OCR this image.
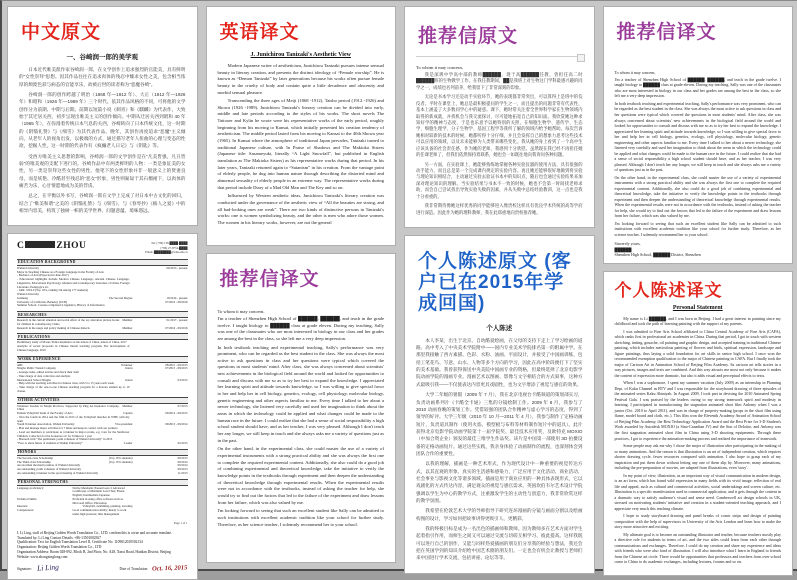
中文原文
一、谷崎润一郎的美学观

日本近代唯美派作家谷崎润一郎，在文学创作上追求强烈的官能美，具有鲜明的“女性崇拜”思想。因其作品往往在追求肉体的残忍中臻求女性之美，包含相当浓厚的颓废色彩与病态的官能享乐，故被后世的读者称为“恶魔谷崎”。

谷崎润一郎的创作跨越了明治（1868 年—1912 年）、大正（1912 年—1926 年）和昭和（1926 年—1989 年）三个时代。依其作品风格的不同，可将他的文学创作分为前期、中期与后期。前期以短篇小说《刺青》和《麒麟》为代表作，大致始于其迁居关西，初步呈现出唯美主义的创作倾向。中期从迁居关西到昭和 40 年（1965 年），在弥漫着传统日本气息的关西，谷崎转向了日本传统文化，这一时期的《阴翳礼赞》与《细雪》为其代表作品。晚年，其创作再度追求“恶魔”主义倾向，从老年人的视角出发，以极端的方式，通过描写老年人扭曲的心理与变态的性欲，挖掘人性，这一时期的代表作有《疯癫老人日记》与《钥匙》等。

受西方唯美主义思想的影响，谷崎润一郎的文学创作是在“凡美皆强，凡丑皆弱”的唯美观的支配下进行的。谷崎作品中有两类鲜明的人物：一类是象征美的女性，另一类是崇拜这些女性的男性。他笔下的女性形象并非一般意义上的贤妻良母，而是妖艳、冷酷甚至残忍的“恶女”形象，男性则匍匐于其石榴裙下，以肉体的痛苦为乐，心甘情愿地成为美的俘虏。

总之，在平衡以外书写，谷崎润一郎在文学上完成了对日本中古文化的回归，结合了“唯美和谐”之美的《阴翳礼赞》与《细雪》，与《春琴抄》《痴人之爱》中的相异内容美，构筑了独树一帜的美学世界，问题意蕴、境味悠远。

C	ZHOU	Tel: (+86) 138-████-████
(+86) 27-8754-████
Email: ████████@whu.edu.cn
EDUCATION BACKGROUND
Wuhan University	09/2013 - present
Major in Teaching Chinese as a Foreign Language in the Faculty of Arts
- Bachelor of Arts (Expected in June 2017)
- Educational highlights include Modern Chinese Language, Ancient Chinese Language, Linguistics, Educational Psychology, Modern and Contemporary Literature of China, Foreign Literature, Pedagogics etc.
- GPA: 3.8/4.0 (Top 10%, ranking 5th among 177 students)
Wuhan University
Guzheng	The Second Degree	10/2014 - present
University of California, Berkeley (UCB)	07/2016 - 08/2016
Summer School: Courses completed: Linguistics, History of Information
RESEARCHES
Research in the current situation and social effect of the toy education picture books for children in contemporary China
Member	01/2017 - present
Research in the usage and policy making of Chinese dialects	Member	07/2016 - 09/2016
PUBLICATIONS
Preliminary study of Mosuo Yidu's mediation on the letters of China, letters of China, 2017
Analysis of recent proposals in Chinese literati teaching program, The development of Chinese language, 2016
WORK EXPERIENCE
ABC	Volunteer	08/2015 - 09/2015
Ningbo Public Transit Company	Intern	07/2015 - 08/2015
- Arrange tasks, edited articles and check their draft
- Take charge of data collection and analysis
International School Ningbo	Intern	03/2015
- Help with the teaching activities in Chinese class, with 5 to 15 years each week
- Take charge of the one-to-one Chinese teaching program for a Korean student up to 10 classes
OTHER ACTIVITIES
Volunteer Teacher in Nanjia Province, Supported by Ping An Insurance Company, China
Member	07/2015
Female Volleyball Team of the Faculty of Arts	Captain	09/2014 - 09/2015
- Won the fourth in 2014 and the fifth in 2015 of the Volleyball matches in WHU with my team
Youth Volunteer Association, Wuhan University	Vice-president	09/2013 - 09/2014
- Plan and manage major activities for 7 times and keep in contact with our partners
- Lead our members to participate as volunteer in major events, e.g. Care for the Sunflower Children, Collection for the bookstore etc for 6 times in 1 year
- Honored with “The permanent youth volunteer of Wuhan University” in 2013
“Face to share future of students at Wuhan University”	Leader	02/2015
HONORS
The Second-class Scholarship	(Top 10% students)	09/2015
The Third-class Scholarship	(Top 15% students)	09/2014
An excellent the merit position of Wuhan University	09/2014
An outstanding youth volunteer of Wuhan University	09/2013
An outstanding volunteer in the sport meeting of Wuhan University	11/2013
PERSONAL STRENGTHS
Language proficiency:	Native Mandarin; Passed Gave 2 Advanced Certificates of Mandarin Level Test; Fluent English; Intermediate Japanese
Technical Skills:	Proficient in using office software such as Microsoft Office, Photoshop
Interests:	Volleyball, swimming, painting, traveling
Competences:	Good communication ability; Ready to work under high pressure; time management
Page 1 of 1

I, Li Ling, staff of Beijing Golden Words Translation Co., LTD, confirm this is a true and accurate translate.

Translated by: Li Ling Contact Details: +86-13501002567

Qualification: Test for English Translation Level II, Certificate No. 1109012010502134

Organization: Beijing Golden Words Translation Co., LTD

Organization Address: Room 028-092, Block B, 2nd Floor, No. A28, Xinxi Road, Haidian District, Beijing

Website: www.zhongxinglong.com

Signature: Li Ling	Date of Translation: Oct. 16, 2015
英语译文
J. Junichirou Tanizaki's Aesthetic View

Modern Japanese writer of aestheticism, Junichirou Tanizaki pursues intense sensual beauty in literary creation, and presents the distinct ideology of “Female worship”. He is known as “Demon Tanizaki” by later generations because his works often pursue female beauty in the cruelty of body and contain quite a little decadence and obscenity and morbid sensual pleasure.

Transcending the three ages of Meiji (1868 -1912), Taisho period (1912 -1926) and Showa (1926 -1989), Junichirou Tanizaki's literary creation can be divided into early, middle and late periods according to the styles of his works. The short novels The Tattooer and Kylin he wrote were his representative works of the early period, roughly beginning from his moving to Kansai, which initially presented his creation tendency of aestheticism. The middle period lasted from his moving to Kansai to the 40th Showa year (1965). In Kansai where the atmosphere of traditional Japan pervades, Tanizaki turned to traditional Japanese culture, with In Praise of Shadows and The Makioka Sisters (Japanese title: Sasameyuki, literally “A Light Snowfall”, but published in English translation as The Makioka Sisters) as his representative works during that period. In his later years, Tanizaki returned again to “Satanism” in his creation. From the vantage point of elderly people, he dug into human nature through describing the distorted mind and abnormal sexuality of elderly people in an extreme way. The representative works during that period include Diary of a Mad Old Man and The Key and so on.

Influenced by Western aesthetic ideas, Junichirou Tanizaki's literary creation was conducted under the governance of the aesthetic view of “All the beauties are strong, and all bad-looking ones are weak”. There are two kinds of distinctive persons in Tanizaki's works: one is women symbolizing beauty, and the other is men who adore those women. The women in his literary works, however, are not the general

推荐信译文

To whom it may concern,

I'm a teacher of Shenzhen High School of ██████, ██████, and teach in the grade twelve. I taught biology to ██████ class at grade eleven. During my teaching, Sally was one of the classmates who are most interested in biology in our class and her grades are among the best in the class, so she left me a very deep impression.

In both textbook teaching and experimental teaching, Sally's performance was very prominent, who can be regarded as the best student in the class. She was always the most active to ask questions in class and her questions were typical which covered the questions in most students' mind. After class, she was always concerned about scientists' new achievements in the biological field around the world and looked for opportunities to consult and discuss with me so as to try her best to expand the knowledge. I appreciated her learning spirit and attitude towards knowledge, so I was willing to give special favor to her and help her in cell biology, genetics, ecology, cell physiology, molecular biology, genetic engineering and other aspects familiar to me. Every time I talked to her about a newer technology, she listened very carefully and used her imagination to think about the areas in which the technology could be applied and what changes could be made to the human race in the future. I could realize that she had a sense of social responsibility a high school student should have, and as her teacher, I was very pleased. Although I don't teach her any longer, we still keep in touch and she always asks me a variety of questions just as in the past.

On the other hand, in the experimental class, she could master the use of a variety of experimental instruments with a strong practical ability and she was always the first one to complete the required experimental content. Additionally, she also could do a good job of combining experimental and theoretical knowledge, take the initiative to verify the knowledge points in the textbooks through experiment and then deepen the understanding of theoretical knowledge through experimental results. When the experimental results were not in accordance with the textbooks, instead of asking the teacher for help, she would try to find out the factors that led to the failure of the experiment and draw lessons from her failure, which was also valued by me.

I'm looking forward to seeing that such an excellent student like Sally can be admitted to such institutions with excellent academic tradition like your school for further study. Therefore, as her science teacher, I solemnly recommend her to your school.

推荐信原文

To whom it may concern,

我是深圳中学高中部的教师██████，现于高██████任教，曾担任高二时██████班的生物教学工作。在我任教期间，██是我班上对生物这门学科最感兴趣的同学之一，成绩也名列前茅，给我留下了非常深刻的印象。

无论是书本学习还是动手实验环节，她的表现都非常突出，可以算得上是班中的佼佼者。平时在课堂上，她总是最积极提问的学生之一，而且提出的问题非常有代表性，基本上涵盖了大多数同学心中的疑惑。课下，她时常关注着全世界科学家在生物领域内取得的新成就，并找机会与我交流探讨，尽可能地拓宽自己的知识面。我欣赏她这种求知好学的精神与态度，于是也乐意予以她特别的关照，在细胞生物学、遗传学、生态学、细胞生理学、分子生物学、基因工程学等我所了解的领域内给予她帮助。每次告诉她相对较新的技术的时候，她都听得十分仔细，并且会发挥自己的想象力思考这些技术可以应用的领域，以及未来能够为人类带来哪些变化。我从她的身上看到了一个高中生应该具备的社会责任感，作为她的老师，我感到十分欣慰。虽然现在我已经不再担任她的任课老师了，但我们依然保持着联系，她也会一如既往地向我询问各种问题。

另一方面，在实验课上，她能够熟练地掌握各种实验仪器的使用方法，具有很强的动手能力，而且总是第一个完成课内规定的实验内容。再且她还能够很好地做到将实验与理论知识相结合，主动通过实验去验证书本中的知识点，随后也会通过实验结果来加深对理论知识的理解。当实验结果与书本不一致的时候，她也不会第一时间找老师求助，而会自己尝试找出导致实验失败的因素，并从失败中总结经验教训，这一点也是我十分看重的。

我非常期待像她这样优秀的同学能够进入像贵校这样具有优良学术传统的高等学府进行深造。因此作为她的理科教师，我在此郑重地向贵校推荐她。

个人陈述原文 (客户已在2015年学成回国)
个人陈述

本人李某，出生于北京。自幼酷爱绘画，在父母的支持下走上了学习绘画的道路。高中考入了中央美术学院附中——国内专业美术学院排名第一的附属中学。在那里我接触了西方素描、色彩、水粉、油画、平面设计，并接受了中国画训练，包括工笔花鸟、写意、山水、人物等多个方向的学习，因此在高中阶段便打下了坚实的美术基础。我曾获得保送中央美院中国画专业的资格，但最终选择了北京电影学院动画学院的漫画专业。漫画艺术以图画、影像与文字相结合的方式叙事，这种方式最吸引我——不仅使表达内容更具戏剧性，也为文字增添了视觉与感官的效果。

大学二年级的暑假（2009 年 7 月），我在北京电视台卡酷频道的策划部实习，负责动画系列片《卡酷全卡通》三集的分镜绘制工作。2009 年 8 月，我参与了 2010 动画春晚的策划工作。凭借较强的团队合作精神与虚心学习的态度，得到了领导的好评。大学三年级（2010 年 10 月—2011 年 4 月），我参与制作了定格动画短片，负责道具制作（使用火焰、模型板与布料等材料制作短片中的道具）。此片获得北京电影学院动画学院第十一届学院奖、最佳技术应用奖，及欧特克 MOXIO（中加合资企业）颁发的最佳三维学生作品奖。该片是中国第一部使用 3D 拍摄设备的定格动画短片。通过这些实践，我亲身体验了动画制作的流程，也深刻体会到团队合作的重要性。

以我的理解，插画是一种艺术形式，作为现代设计中一种重要的视觉传达方式，以其直观的形象、真实的生活感和感染力，广泛应用于文化活动、商业活动、社会事业与影视文化等诸多领域。插画是用于商业应用的一种具体表现形式，它以戏剧化的方式传达内容，满足观众的视觉与感官需求。英国坎伯韦尔艺术设计学院强调以学生为中心的教学方式，注重激发学生的主动性与创造力，我非常欣赏这样的教学氛围。

我希望在伦敦艺术大学的导师指导下研究连环漫画的分镜与画面分割以及绘画构图的设计，学习如何把故事讲得更吸引人、更精彩。

我的终极目标是成为一名出色的插画师和教师。因为教师多在艺术方面对学生起着指引作用，而师生之间又可以通过交流与切磋互相学习、彼此提高。这样我既可以进行自己的创作，又能与同样热爱插画的朋友们分享我的经验与想法，我还会把在英国学到的知识介绍给中国艺术圈的朋友们。一定也会有机会让教授与老师们来中国进行学术交流，包括讲座、论坛等等。

推荐信译文

To whom it may concern,

I'm a teacher of Shenzhen High School of ██████, ██████, and teach in the grade twelve. I taught biology to ██████ class at grade eleven. During my teaching, Sally was one of the classmates who are most interested in biology in our class and her grades are among the best in the class, so she left me a very deep impression.

In both textbook teaching and experimental teaching, Sally's performance was very prominent, who can be regarded as the best student in the class. She was always the most active to ask questions in class and her questions were typical which covered the questions in most students' mind. After class, she was always concerned about scientists' new achievements in the biological field around the world and looked for opportunities to consult and discuss with me so as to try her best to expand the knowledge. I appreciated her learning spirit and attitude towards knowledge, so I was willing to give special favor to her and help her in cell biology, genetics, ecology, cell physiology, molecular biology, genetic engineering and other aspects familiar to me. Every time I talked to her about a newer technology, she listened very carefully and used her imagination to think about the areas in which the technology could be applied and what changes could be made to the human race in the future. I could realize that she had a sense of social responsibility a high school student should have, and as her teacher, I was very pleased. Although I don't teach her any longer, we still keep in touch and she always asks me a variety of questions just as in the past.

On the other hand, in the experimental class, she could master the use of a variety of experimental instruments with a strong practical ability and she was always the first one to complete the required experimental content. Additionally, she also could do a good job of combining experimental and theoretical knowledge, take the initiative to verify the knowledge points in the textbooks through experiment and then deepen the understanding of theoretical knowledge through experimental results. When the experimental results were not in accordance with the textbooks, instead of asking the teacher for help, she would try to find out the factors that led to the failure of the experiment and draw lessons from her failure, which was also valued by me.

I'm looking forward to seeing that such an excellent student like Sally can be admitted to such institutions with excellent academic tradition like your school for further study. Therefore, as her science teacher, I solemnly recommend her to your school.

Sincerely yours,

██████

Shenzhen High School, ██████ District, Shenzhen

个人陈述译文
Personal Statement

My name is Li ██████, and I was born in Beijing. I had a great interest in painting since my childhood and took the path of learning painting with the support of my parents.

I was admitted to Fine Arts School affiliated to China Central Academy of Fine Arts (CAFA), which ranks first in professional art academies in China. During that period, I got in touch with western sketching, tinting, gouache, oil painting and graphic design, and accepted training in traditional Chinese painting, which includes meticulous painting of flowers and birds, spiritual expression, landscape and figure paintings, thus laying a solid foundation for art skills in senior high school. I once won the recommended exemption qualification to the major of Chinese painting in CAFA. But I finally took the major of Cartoon Art in Animation School of Beijing Film Academy. Its cartoon art tells stories in a way pictures, images and texts are combined. And this way attracts me most not only because it makes the content of expression more dramatic, but also it adds visual and perceptual effects to texts.

When I was a sophomore, I spent my summer vacation (July 2009) as an internship in Planning Dept. of Kaku Channel in BTV and I was responsible for the storyboard drawing of three episodes of the animated series Kaku Abiniyah. In August 2009, I took part in devising the 2010 Animated Spring Festival Gala. I was praised by the leaders owing to my strong teamwork spirit and modesty in learning. I participated in manufacturing the stagnation animated short film Anlomy when I was a junior (Oct. 2010 to April 2011), and was in charge of property-making (props in the short film using flame, model board and cloth, etc.). This film won the Eleventh Academy Award of Animation School of Beijing Film Academy, the Best Technology Application Award and the Best Prize for 3-D Student's Work awarded by Autodesk MOXIO (a Sino-Canadian JV) and the Star of Deloitte, and Anlomy was the first stagnation animated short film in China using 3-D shooting equipments. Through these practices, I got to experience the animation-making process and realized the importance of teamwork.

Some people may ask me why I chose the major of illustration after participating in the making of so many animations. And the reason is that illustration is an art of independent creation, which requires shorter drawing cycle, fewer resources compared with animation. I also hope to grasp each of my inspiration and put them down without letting any one of them slip by. Moreover, many animations, including the pre-preparation of movies, are adapted from illustrations, even 'story'.

In my point of view, illustration, as an important way of visual communication in modern design, is an art form, which has found wild expression in many fields with its vivid image, reflection of real life and appeal, such as cultural and commercial activities, social undertakings and screen culture, etc. Illustration is a specific manifestation used in commercial application, and it gets through the content in a dramatic way to satisfy audience's visual and sense need. Camberwell art design schools in UK, stressed on motivating students' initiative and creation in a student-oriented teaching approach, and I appreciate very much this teaching climate.

I hope to study storyboard drawing and panel breaks of comic strips and design of painting composition with the help of supervisors in University of the Arts London and learn how to make the story more attractive and exciting.

My ultimate goal is to become an outstanding illustrator and teacher, because teachers mostly play a directive role for students in terms of art, and the two sides could learn from each other through communications and exchanges. Therefore, I could do my creation and share my experience and ideas with friends who were also fond of illustration. I will also introduce what I learn in England to friends from the Chinese art circle. There would be opportunities that professors and teachers from over school come to China to do academic exchanges, including lectures, forums and so on.
